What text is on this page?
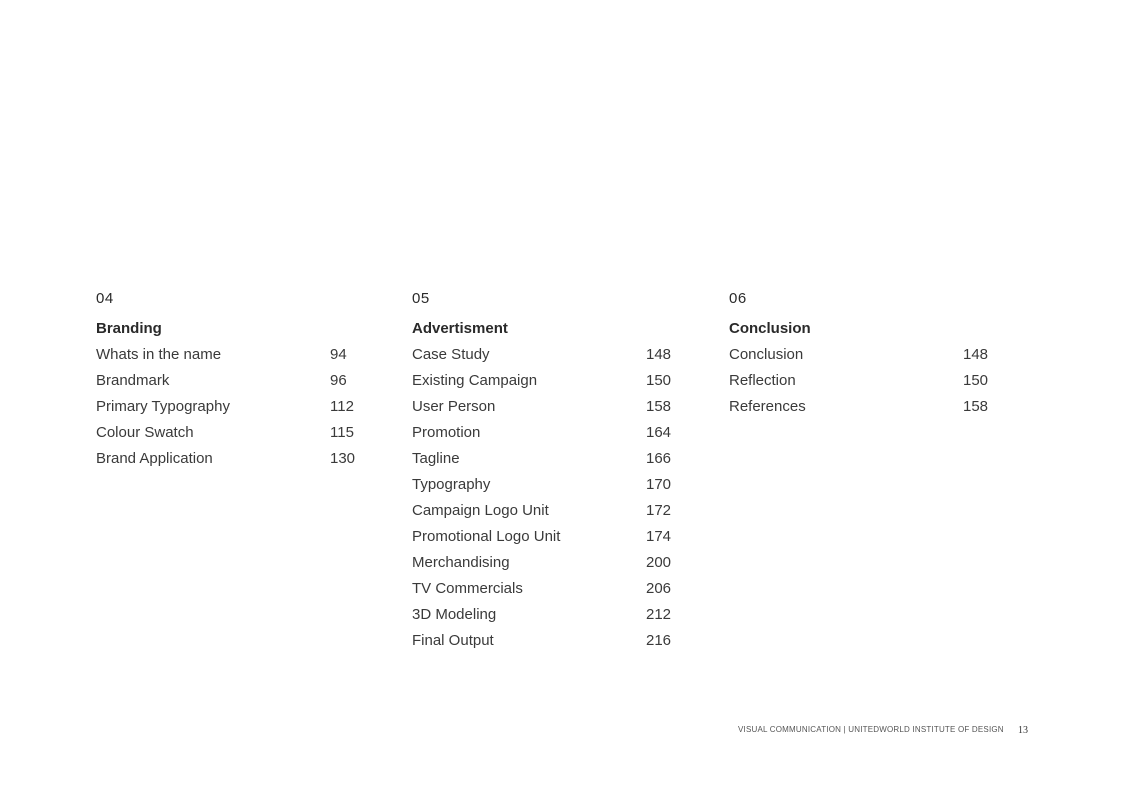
04
Branding
Whats in the name	94
Brandmark	96
Primary Typography	112
Colour Swatch	115
Brand Application	130
05
Advertisment
Case Study	148
Existing Campaign	150
User Person	158
Promotion	164
Tagline	166
Typography	170
Campaign Logo Unit	172
Promotional Logo Unit	174
Merchandising	200
TV Commercials	206
3D Modeling	212
Final Output	216
06
Conclusion
Conclusion	148
Reflection	150
References	158
VISUAL COMMUNICATION | UNITEDWORLD INSTITUTE OF DESIGN 13
